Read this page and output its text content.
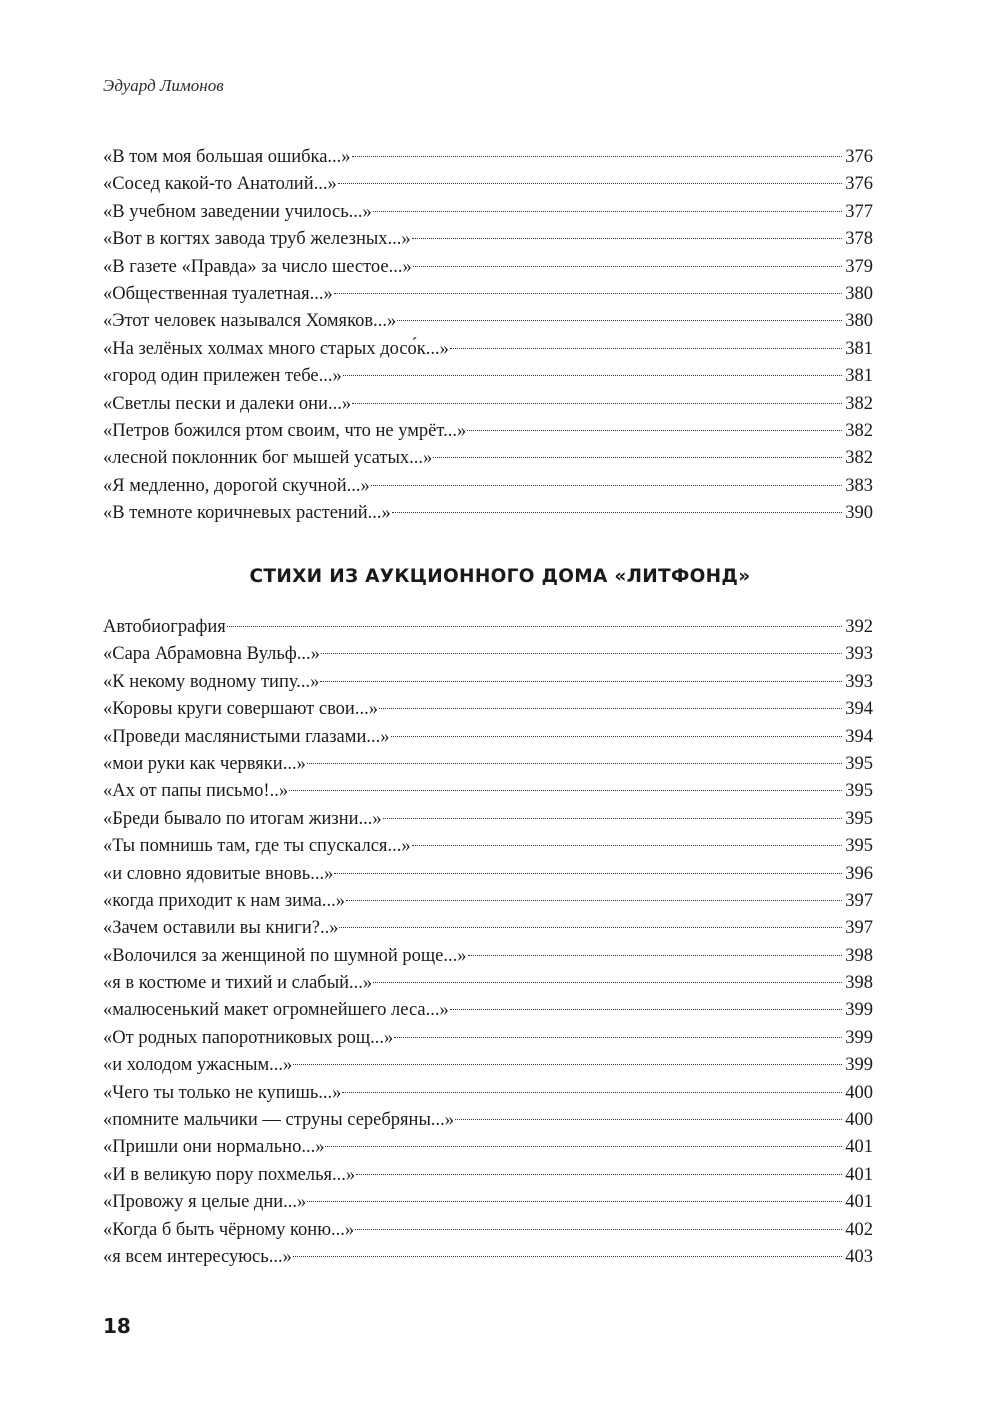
Эдуард Лимонов
«В том моя большая ошибка...»	376
«Сосед какой-то Анатолий...»	376
«В учебном заведении училось...»	377
«Вот в когтях завода труб железных...»	378
«В газете «Правда» за число шестое...»	379
«Общественная туалетная...»	380
«Этот человек назывался Хомяков...»	380
«На зелёных холмах много старых досо́к...»	381
«город один прилежен тебе...»	381
«Светлы пески и далеки они...»	382
«Петров божился ртом своим, что не умрёт...»	382
«лесной поклонник бог мышей усатых...»	382
«Я медленно, дорогой скучной...»	383
«В темноте коричневых растений...»	390
СТИХИ ИЗ АУКЦИОННОГО ДОМА «ЛИТФОНД»
Автобиография	392
«Сара Абрамовна Вульф...»	393
«К некому водному типу...»	393
«Коровы круги совершают свои...»	394
«Проведи маслянистыми глазами...»	394
«мои руки как червяки...»	395
«Ах от папы письмо!..»	395
«Бреди бывало по итогам жизни...»	395
«Ты помнишь там, где ты спускался...»	395
«и словно ядовитые вновь...»	396
«когда приходит к нам зима...»	397
«Зачем оставили вы книги?..»	397
«Волочился за женщиной по шумной роще...»	398
«я в костюме и тихий и слабый...»	398
«малюсенький макет огромнейшего леса...»	399
«От родных папоротниковых рощ...»	399
«и холодом ужасным...»	399
«Чего ты только не купишь...»	400
«помните мальчики — струны серебряны...»	400
«Пришли они нормально...»	401
«И в великую пору похмелья...»	401
«Провожу я целые дни...»	401
«Когда б быть чёрному коню...»	402
«я всем интересуюсь...»	403
18
